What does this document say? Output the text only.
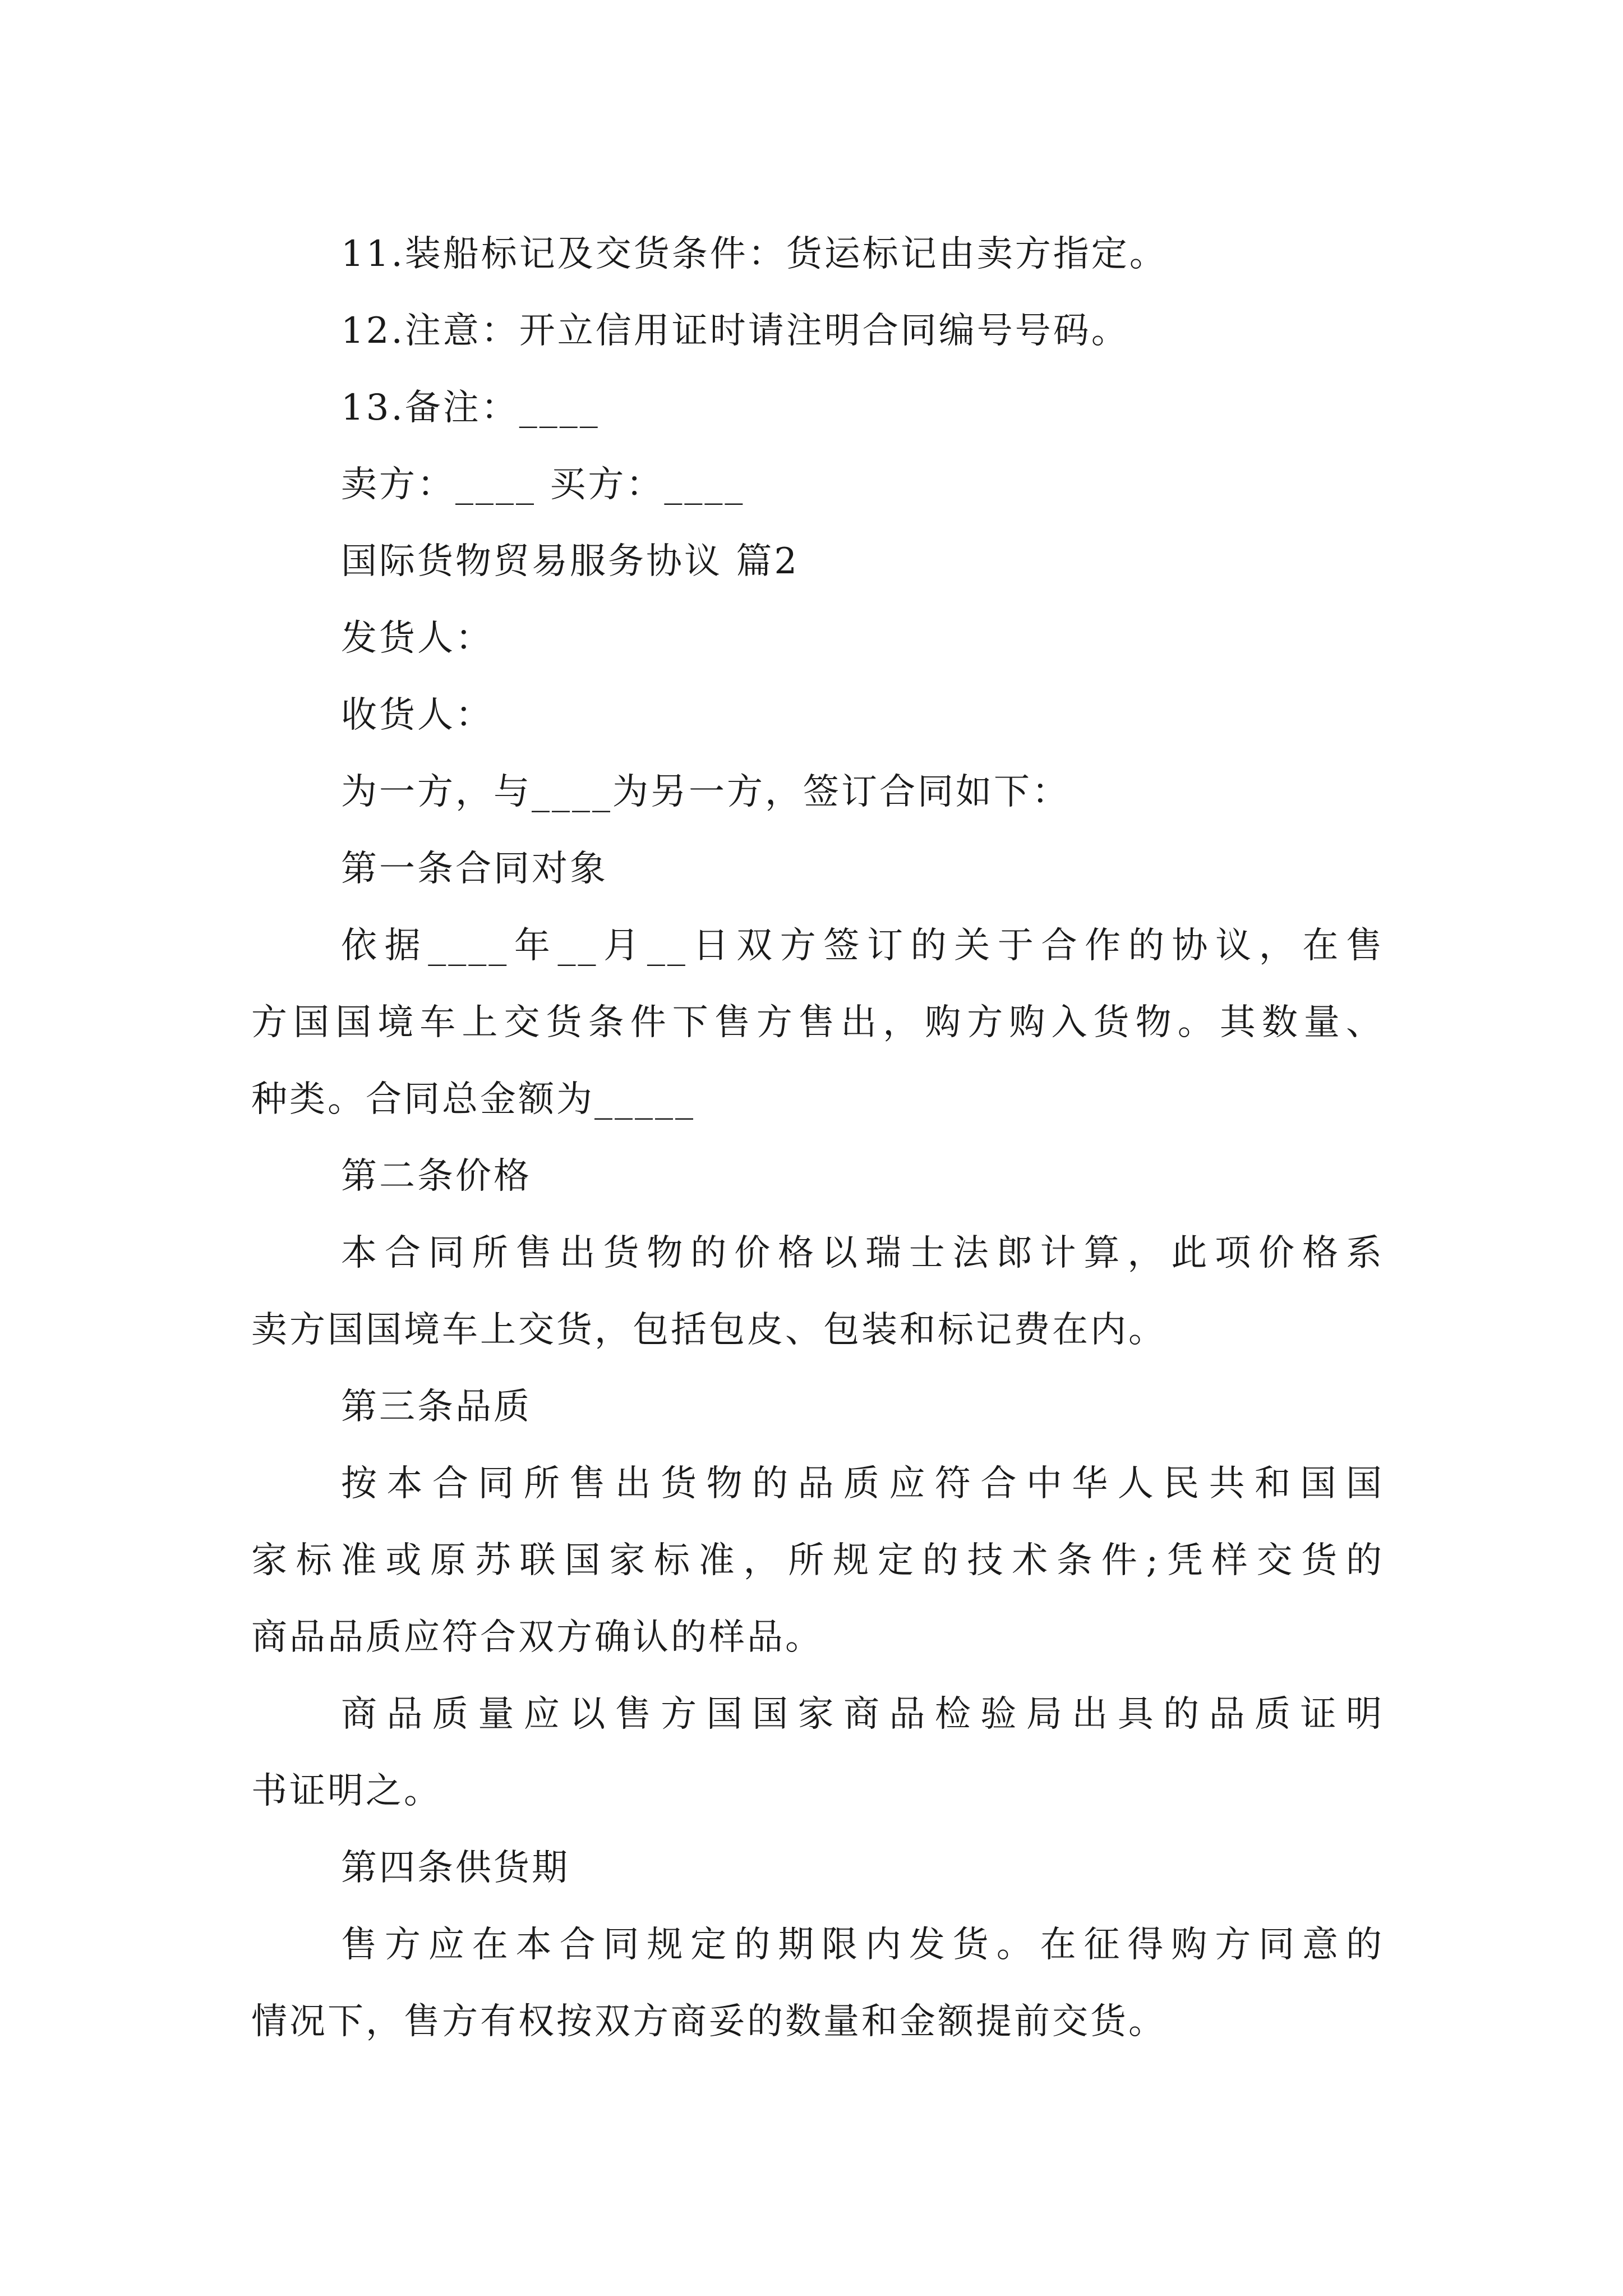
11.装船标记及交货条件：货运标记由卖方指定。
12.注意：开立信用证时请注明合同编号号码。
13.备注：____
卖方：____ 买方：____
国际货物贸易服务协议 篇2
发货人：
收货人：
为一方，与____为另一方，签订合同如下：
第一条合同对象
依据____年__月__日双方签订的关于合作的协议，在售
方国国境车上交货条件下售方售出，购方购入货物。其数量、
种类。合同总金额为_____
第二条价格
本合同所售出货物的价格以瑞士法郎计算，此项价格系
卖方国国境车上交货，包括包皮、包装和标记费在内。
第三条品质
按本合同所售出货物的品质应符合中华人民共和国国
家标准或原苏联国家标准，所规定的技术条件;凭样交货的
商品品质应符合双方确认的样品。
商品质量应以售方国国家商品检验局出具的品质证明
书证明之。
第四条供货期
售方应在本合同规定的期限内发货。在征得购方同意的
情况下，售方有权按双方商妥的数量和金额提前交货。
